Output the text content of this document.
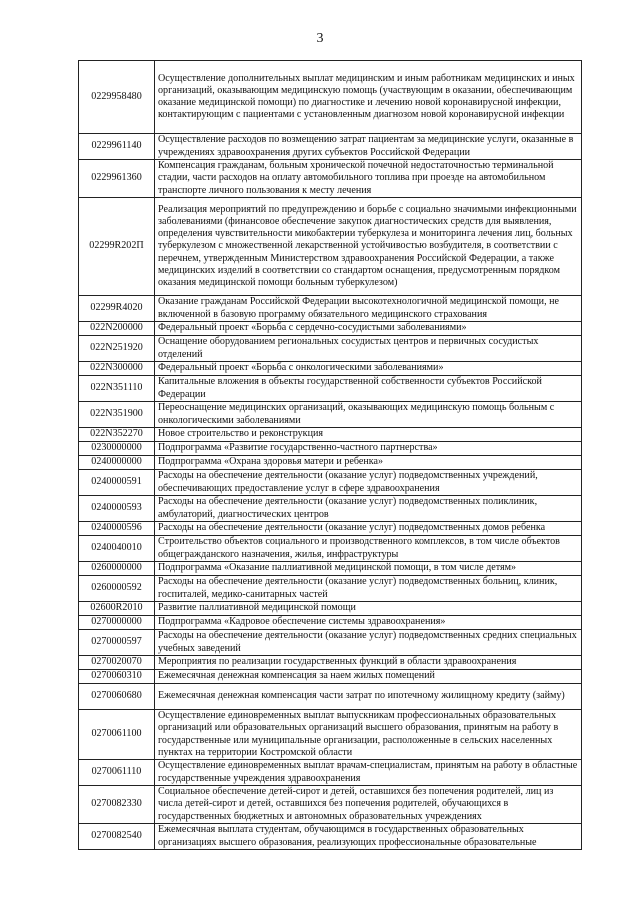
3
0229958480	Осуществление дополнительных выплат медицинским и иным работникам медицинских и иных организаций, оказывающим медицинскую помощь (участвующим в оказании, обеспечивающим оказание медицинской помощи) по диагностике и лечению новой коронавирусной инфекции, контактирующим с пациентами с установленным диагнозом новой коронавирусной инфекции
0229961140	Осуществление расходов по возмещению затрат пациентам за медицинские услуги, оказанные в учреждениях здравоохранения других субъектов Российской Федерации
0229961360	Компенсация гражданам, больным хронической почечной недостаточностью терминальной стадии, части расходов на оплату автомобильного топлива при проезде на автомобильном транспорте личного пользования к месту лечения
02299R202П	Реализация мероприятий по предупреждению и борьбе с социально значимыми инфекционными заболеваниями (финансовое обеспечение закупок диагностических средств для выявления, определения чувствительности микобактерии туберкулеза и мониторинга лечения лиц, больных туберкулезом с множественной лекарственной устойчивостью возбудителя, в соответствии с перечнем, утвержденным Министерством здравоохранения Российской Федерации, а также медицинских изделий в соответствии со стандартом оснащения, предусмотренным порядком оказания медицинской помощи больным туберкулезом)
02299R4020	Оказание гражданам Российской Федерации высокотехнологичной медицинской помощи, не включенной в базовую программу обязательного медицинского страхования
022N200000	Федеральный проект «Борьба с сердечно-сосудистыми заболеваниями»
022N251920	Оснащение оборудованием региональных сосудистых центров и первичных сосудистых отделений
022N300000	Федеральный проект «Борьба с онкологическими заболеваниями»
022N351110	Капитальные вложения в объекты государственной собственности субъектов Российской Федерации
022N351900	Переоснащение медицинских организаций, оказывающих медицинскую помощь больным с онкологическими заболеваниями
022N352270	Новое строительство и реконструкция
0230000000	Подпрограмма «Развитие государственно-частного партнерства»
0240000000	Подпрограмма «Охрана здоровья матери и ребенка»
0240000591	Расходы на обеспечение деятельности (оказание услуг) подведомственных учреждений, обеспечивающих предоставление услуг в сфере здравоохранения
0240000593	Расходы на обеспечение деятельности (оказание услуг) подведомственных поликлиник, амбулаторий, диагностических центров
0240000596	Расходы на обеспечение деятельности (оказание услуг) подведомственных домов ребенка
0240040010	Строительство объектов социального и производственного комплексов, в том числе объектов общегражданского назначения, жилья, инфраструктуры
0260000000	Подпрограмма «Оказание паллиативной медицинской помощи, в том числе детям»
0260000592	Расходы на обеспечение деятельности (оказание услуг) подведомственных больниц, клиник, госпиталей, медико-санитарных частей
02600R2010	Развитие паллиативной медицинской помощи
0270000000	Подпрограмма «Кадровое обеспечение системы здравоохранения»
0270000597	Расходы на обеспечение деятельности (оказание услуг) подведомственных средних специальных учебных заведений
0270020070	Мероприятия по реализации государственных функций в области здравоохранения
0270060310	Ежемесячная денежная компенсация за наем жилых помещений
0270060680	Ежемесячная денежная компенсация части затрат по ипотечному жилищному кредиту (займу)
0270061100	Осуществление единовременных выплат выпускникам профессиональных образовательных организаций или образовательных организаций высшего образования, принятым на работу в государственные или муниципальные организации, расположенные в сельских населенных пунктах на территории Костромской области
0270061110	Осуществление единовременных выплат врачам-специалистам, принятым на работу в областные государственные учреждения здравоохранения
0270082330	Социальное обеспечение детей-сирот и детей, оставшихся без попечения родителей, лиц из числа детей-сирот и детей, оставшихся без попечения родителей, обучающихся в государственных бюджетных и автономных образовательных учреждениях
0270082540	Ежемесячная выплата студентам, обучающимся в государственных образовательных организациях высшего образования, реализующих профессиональные образовательные
